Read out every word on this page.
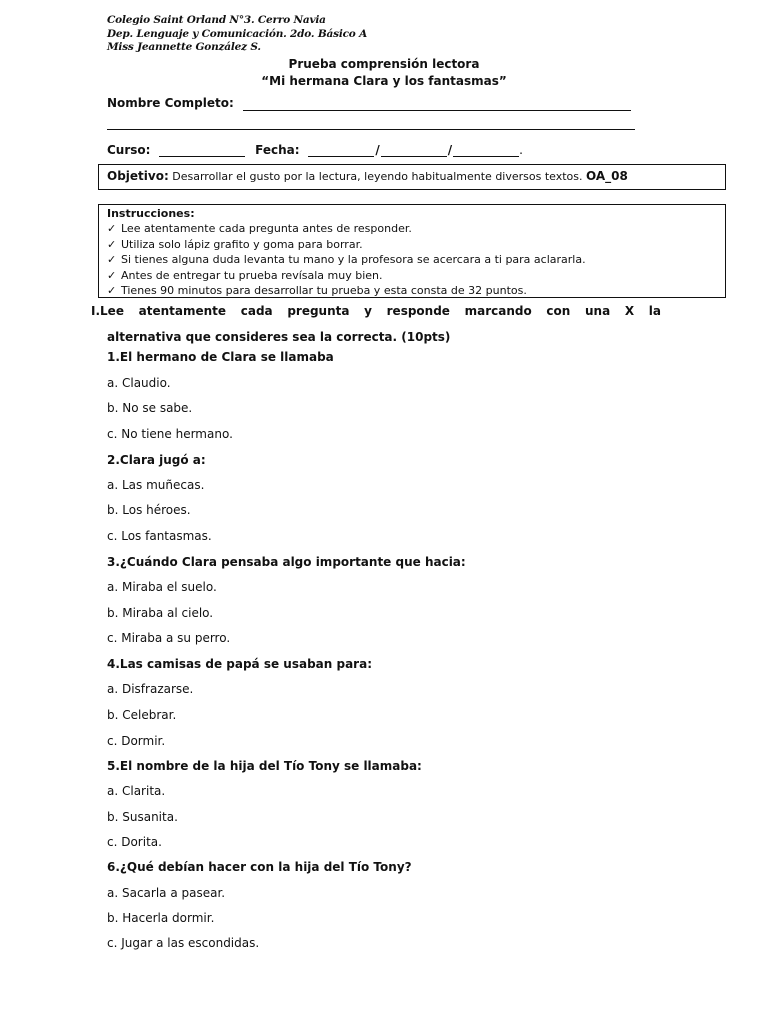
Colegio Saint Orland N°3. Cerro Navia
Dep. Lenguaje y Comunicación. 2do. Básico A
Miss Jeannette González S.
Prueba comprensión lectora
“Mi hermana Clara y los fantasmas”
Nombre Completo:
Curso:	Fecha:	/	/	.
Objetivo: Desarrollar el gusto por la lectura, leyendo habitualmente diversos textos. OA_08
Instrucciones:
✓ Lee atentamente cada pregunta antes de responder.
✓ Utiliza solo lápiz grafito y goma para borrar.
✓ Si tienes alguna duda levanta tu mano y la profesora se acercara a ti para aclararla.
✓ Antes de entregar tu prueba revísala muy bien.
✓ Tienes 90 minutos para desarrollar tu prueba y esta consta de 32 puntos.
I.Lee atentamente cada pregunta y responde marcando con una X la
alternativa que consideres sea la correcta. (10pts)
1.El hermano de Clara se llamaba
a. Claudio.
b. No se sabe.
c. No tiene hermano.
2.Clara jugó a:
a. Las muñecas.
b. Los héroes.
c. Los fantasmas.
3.¿Cuándo Clara pensaba algo importante que hacia:
a. Miraba el suelo.
b. Miraba al cielo.
c. Miraba a su perro.
4.Las camisas de papá se usaban para:
a. Disfrazarse.
b. Celebrar.
c. Dormir.
5.El nombre de la hija del Tío Tony se llamaba:
a. Clarita.
b. Susanita.
c. Dorita.
6.¿Qué debían hacer con la hija del Tío Tony?
a. Sacarla a pasear.
b. Hacerla dormir.
c. Jugar a las escondidas.
